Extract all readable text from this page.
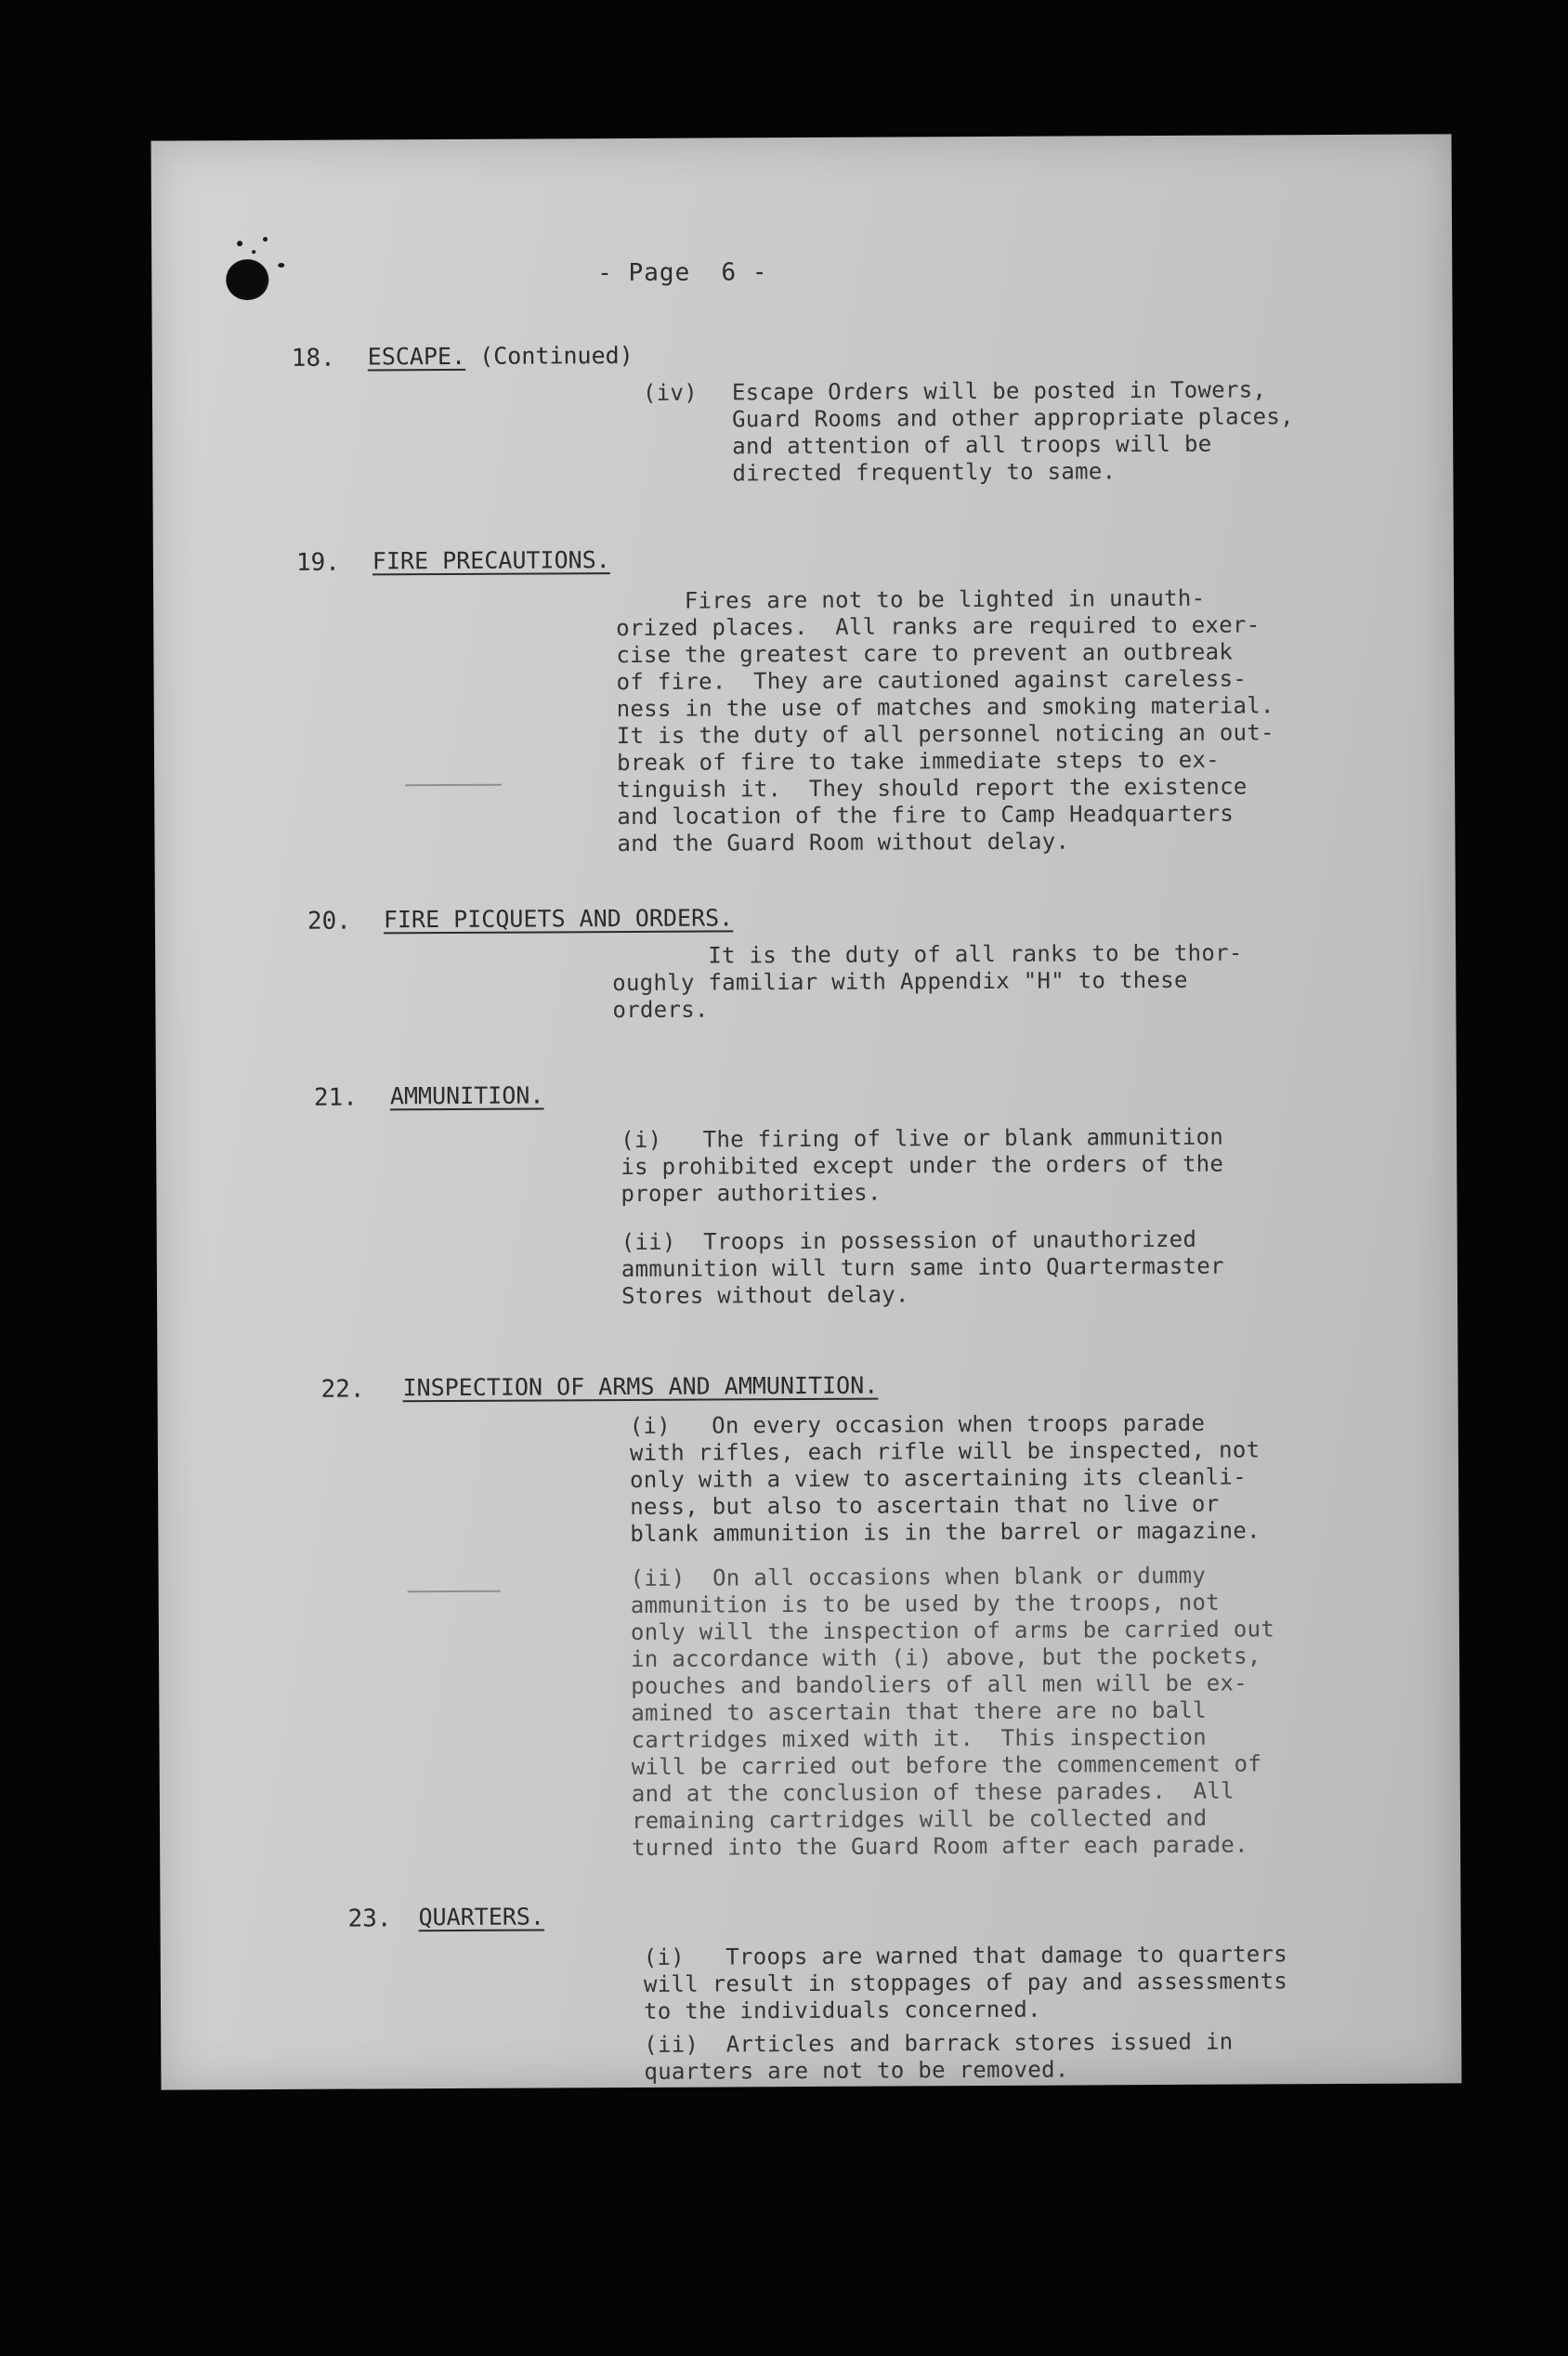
- Page  6 -
18. ESCAPE. (Continued)

(iv) Escape Orders will be posted in Towers,
Guard Rooms and other appropriate places,
and attention of all troops will be
directed frequently to same.

19. FIRE PRECAUTIONS.

Fires are not to be lighted in unauth-
orized places.  All ranks are required to exer-
cise the greatest care to prevent an outbreak
of fire.  They are cautioned against careless-
ness in the use of matches and smoking material.
It is the duty of all personnel noticing an out-
break of fire to take immediate steps to ex-
tinguish it.  They should report the existence
and location of the fire to Camp Headquarters
and the Guard Room without delay.

20. FIRE PICQUETS AND ORDERS.

It is the duty of all ranks to be thor-
oughly familiar with Appendix "H" to these
orders.

21. AMMUNITION.

(i)   The firing of live or blank ammunition
is prohibited except under the orders of the
proper authorities.

(ii)  Troops in possession of unauthorized
ammunition will turn same into Quartermaster
Stores without delay.

22. INSPECTION OF ARMS AND AMMUNITION.

(i)   On every occasion when troops parade
with rifles, each rifle will be inspected, not
only with a view to ascertaining its cleanli-
ness, but also to ascertain that no live or
blank ammunition is in the barrel or magazine.

(ii)  On all occasions when blank or dummy
ammunition is to be used by the troops, not
only will the inspection of arms be carried out
in accordance with (i) above, but the pockets,
pouches and bandoliers of all men will be ex-
amined to ascertain that there are no ball
cartridges mixed with it.  This inspection
will be carried out before the commencement of
and at the conclusion of these parades.  All
remaining cartridges will be collected and
turned into the Guard Room after each parade.

23. QUARTERS.

(i)   Troops are warned that damage to quarters
will result in stoppages of pay and assessments
to the individuals concerned.

(ii)  Articles and barrack stores issued in
quarters are not to be removed.
